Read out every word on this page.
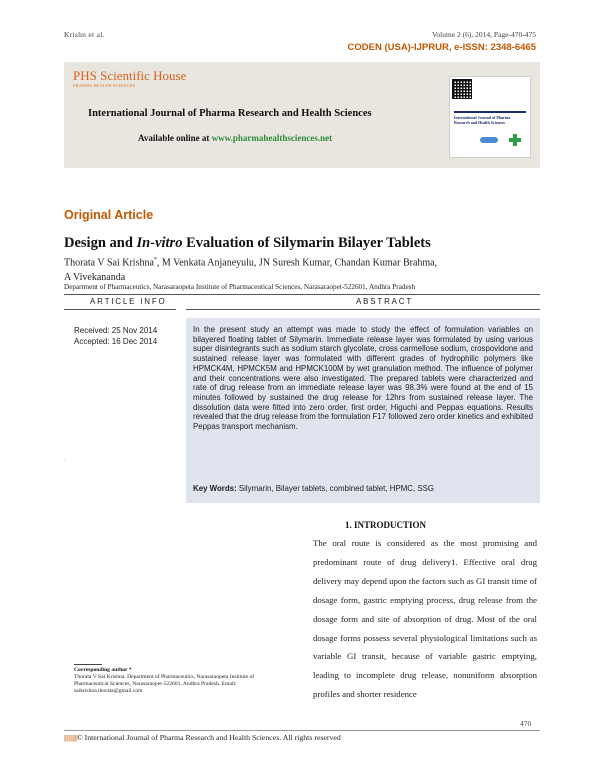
Krishn et al.	Volume 2 (6), 2014, Page-470-475
CODEN (USA)-IJPRUR, e-ISSN: 2348-6465
PHS Scientific House
PHARMA HEALTH SCIENCES
International Journal of Pharma Research and Health Sciences
Available online at www.pharmahealthsciences.net
International Journal of Pharma Research and Health Sciences
Original Article
Design and In-vitro Evaluation of Silymarin Bilayer Tablets
Thorata V Sai Krishna*, M Venkata Anjaneyulu, JN Suresh Kumar, Chandan Kumar Brahma,
A Vivekananda
Department of Pharmaceutics, Narasaraopeta Institute of Pharmaceutical Sciences, Narasaraopet-522601, Andhra Pradesh
ARTICLE INFO	ABSTRACT
Received: 25 Nov 2014
Accepted: 16 Dec 2014
.
In the present study an attempt was made to study the effect of formulation variables on bilayered floating tablet of Silymarin. Immediate release layer was formulated by using various super disintegrants such as sodium starch glycolate, cross carmellose sodium, crospovidone and sustained release layer was formulated with different grades of hydrophilic polymers like HPMCK4M, HPMCK5M and HPMCK100M by wet granulation method. The influence of polymer and their concentrations were also investigated. The prepared tablets were characterized and rate of drug release from an immediate release layer was 98.3% were found at the end of 15 minutes followed by sustained the drug release for 12hrs from sustained release layer. The dissolution data were fitted into zero order, first order, Higuchi and Peppas equations. Results revealed that the drug release from the formulation F17 followed zero order kinetics and exhibited Peppas transport mechanism.
Key Words: Silymarin, Bilayer tablets, combined tablet, HPMC, SSG
1. INTRODUCTION
The oral route is considered as the most promising and predominant route of drug delivery1. Effective oral drug delivery may depend upon the factors such as GI transit time of dosage form, gastric emptying process, drug release from the dosage form and site of absorption of drug. Most of the oral dosage forms possess several physiological limitations such as variable GI transit, because of variable gastric emptying, leading to incomplete drug release, nonuniform absorption profiles and shorter residence
Corresponding author *
Thorata V Sai Krishna. Department of Pharmaceutics, Narasaraopeta Institute of Pharmaceutical Sciences, Narasaraopet-522601, Andhra Pradesh. Email: saikrishna.thorata@gmail.com
470
||||||||||||© International Journal of Pharma Research and Health Sciences. All rights reserved
